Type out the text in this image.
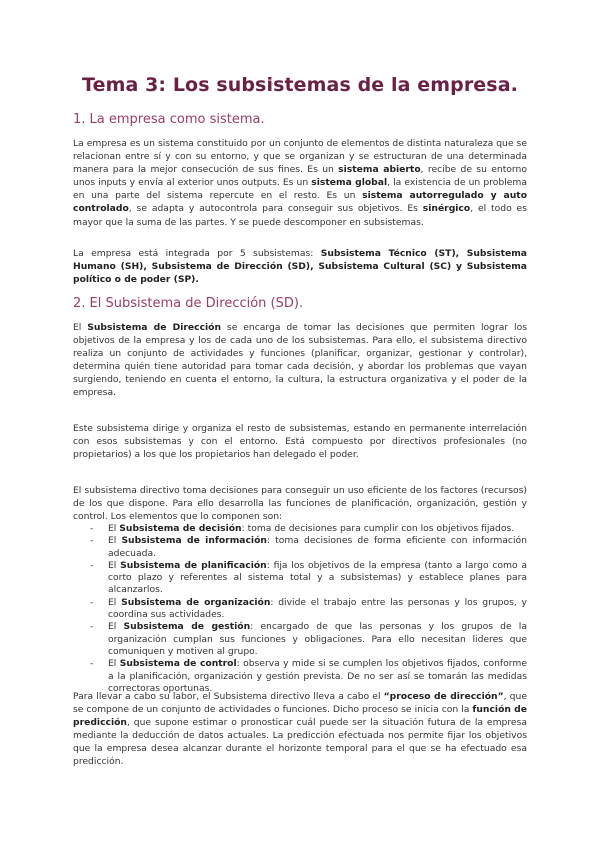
Tema 3: Los subsistemas de la empresa.
1. La empresa como sistema.

La empresa es un sistema constituido por un conjunto de elementos de distinta naturaleza que se relacionan entre sí y con su entorno, y que se organizan y se estructuran de una determinada manera para la mejor consecución de sus fines. Es un sistema abierto, recibe de su entorno unos inputs y envía al exterior unos outputs. Es un sistema global, la existencia de un problema en una parte del sistema repercute en el resto. Es un sistema autorregulado y auto controlado, se adapta y autocontrola para conseguir sus objetivos. Es sinérgico, el todo es mayor que la suma de las partes. Y se puede descomponer en subsistemas.

La empresa está integrada por 5 subsistemas: Subsistema Técnico (ST), Subsistema Humano (SH), Subsistema de Dirección (SD), Subsistema Cultural (SC) y Subsistema político o de poder (SP).

2. El Subsistema de Dirección (SD).

El Subsistema de Dirección se encarga de tomar las decisiones que permiten lograr los objetivos de la empresa y los de cada uno de los subsistemas. Para ello, el subsistema directivo realiza un conjunto de actividades y funciones (planificar, organizar, gestionar y controlar), determina quién tiene autoridad para tomar cada decisión, y abordar los problemas que vayan surgiendo, teniendo en cuenta el entorno, la cultura, la estructura organizativa y el poder de la empresa.

Este subsistema dirige y organiza el resto de subsistemas, estando en permanente interrelación con esos subsistemas y con el entorno. Está compuesto por directivos profesionales (no propietarios) a los que los propietarios han delegado el poder.

El subsistema directivo toma decisiones para conseguir un uso eficiente de los factores (recursos) de los que dispone. Para ello desarrolla las funciones de planificación, organización, gestión y control. Los elementos que lo componen son:

- El Subsistema de decisión: toma de decisiones para cumplir con los objetivos fijados.
- El Subsistema de información: toma decisiones de forma eficiente con información adecuada.
- El Subsistema de planificación: fija los objetivos de la empresa (tanto a largo como a corto plazo y referentes al sistema total y a subsistemas) y establece planes para alcanzarlos.
- El Subsistema de organización: divide el trabajo entre las personas y los grupos, y coordina sus actividades.
- El Subsistema de gestión: encargado de que las personas y los grupos de la organización cumplan sus funciones y obligaciones. Para ello necesitan lideres que comuniquen y motiven al grupo.
- El Subsistema de control: observa y mide si se cumplen los objetivos fijados, conforme a la planificación, organización y gestión prevista. De no ser así se tomarán las medidas correctoras oportunas.

Para llevar a cabo su labor, el Subsistema directivo lleva a cabo el “proceso de dirección”, que se compone de un conjunto de actividades o funciones. Dicho proceso se inicia con la función de predicción, que supone estimar o pronosticar cuál puede ser la situación futura de la empresa mediante la deducción de datos actuales. La predicción efectuada nos permite fijar los objetivos que la empresa desea alcanzar durante el horizonte temporal para el que se ha efectuado esa predicción.
